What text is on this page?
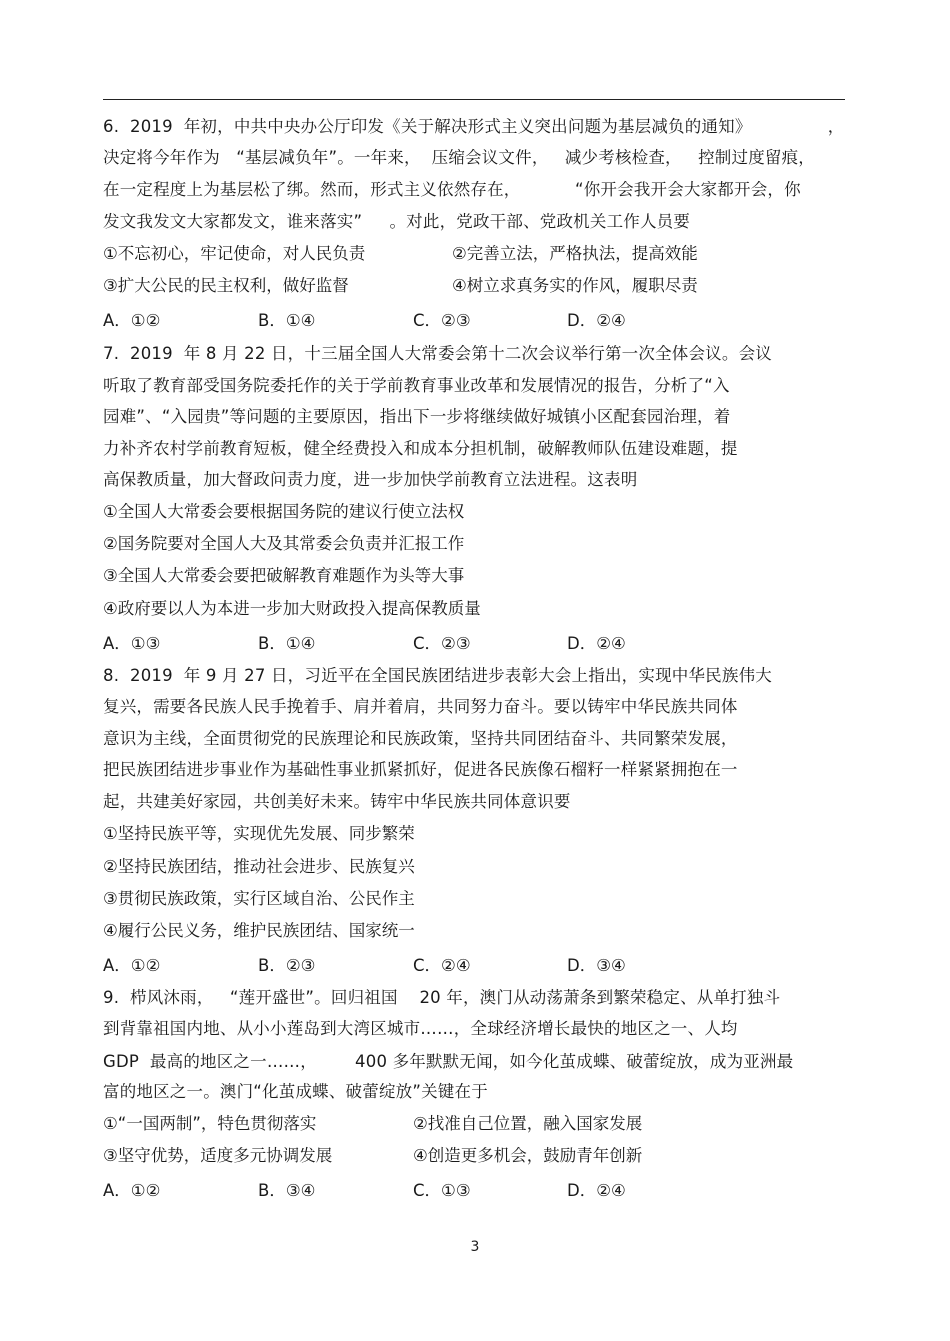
6.  2019  年初，中共中央办公厅印发《关于解决形式主义突出问题为基层减负的通知》              ，
决定将今年作为   “基层减负年”。一年来，  压缩会议文件，   减少考核检查，   控制过度留痕，
在一定程度上为基层松了绑。然而，形式主义依然存在，          “你开会我开会大家都开会，你
发文我发文大家都发文，谁来落实”     。对此，党政干部、党政机关工作人员要
①不忘初心，牢记使命，对人民负责	②完善立法，严格执法，提高效能
③扩大公民的民主权利，做好监督	④树立求真务实的作风，履职尽责
A．①②	B．①④	C．②③	D．②④
7.  2019  年 8 月 22 日，十三届全国人大常委会第十二次会议举行第一次全体会议。会议
听取了教育部受国务院委托作的关于学前教育事业改革和发展情况的报告，分析了“入
园难”、“入园贵”等问题的主要原因，指出下一步将继续做好城镇小区配套园治理，着
力补齐农村学前教育短板，健全经费投入和成本分担机制，破解教师队伍建设难题，提
高保教质量，加大督政问责力度，进一步加快学前教育立法进程。这表明
①全国人大常委会要根据国务院的建议行使立法权
②国务院要对全国人大及其常委会负责并汇报工作
③全国人大常委会要把破解教育难题作为头等大事
④政府要以人为本进一步加大财政投入提高保教质量
A．①③	B．①④	C．②③	D．②④
8.  2019  年 9 月 27 日，习近平在全国民族团结进步表彰大会上指出，实现中华民族伟大
复兴，需要各民族人民手挽着手、肩并着肩，共同努力奋斗。要以铸牢中华民族共同体
意识为主线，全面贯彻党的民族理论和民族政策，坚持共同团结奋斗、共同繁荣发展，
把民族团结进步事业作为基础性事业抓紧抓好，促进各民族像石榴籽一样紧紧拥抱在一
起，共建美好家园，共创美好未来。铸牢中华民族共同体意识要
①坚持民族平等，实现优先发展、同步繁荣
②坚持民族团结，推动社会进步、民族复兴
③贯彻民族政策，实行区域自治、公民作主
④履行公民义务，维护民族团结、国家统一
A．①②	B．②③	C．②④	D．③④
9.  栉风沐雨，   “莲开盛世”。回归祖国    20 年，澳门从动荡萧条到繁荣稳定、从单打独斗
到背靠祖国内地、从小小莲岛到大湾区城市……，全球经济增长最快的地区之一、人均
GDP  最高的地区之一……，       400 多年默默无闻，如今化茧成蝶、破蕾绽放，成为亚洲最
富的地区之一。澳门“化茧成蝶、破蕾绽放”关键在于
①“一国两制”，特色贯彻落实	②找准自己位置，融入国家发展
③坚守优势，适度多元协调发展	④创造更多机会，鼓励青年创新
A．①②	B．③④	C．①③	D．②④
3
